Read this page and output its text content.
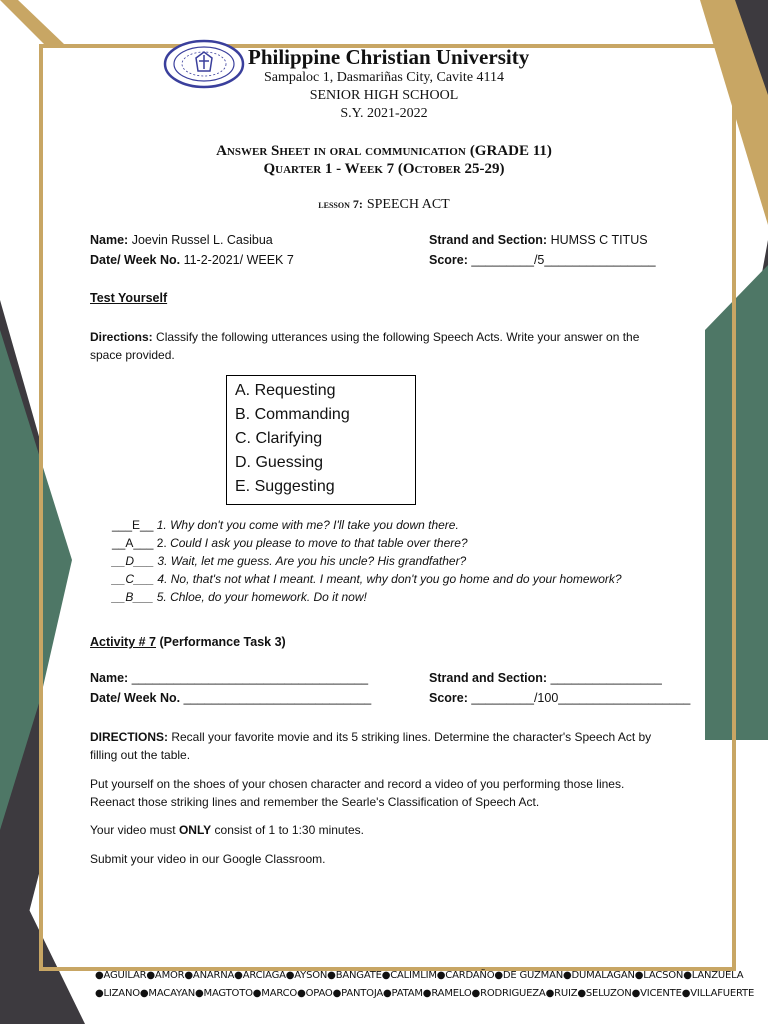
Philippine Christian University
Sampaloc 1, Dasmariñas City, Cavite 4114
SENIOR HIGH SCHOOL
S.Y. 2021-2022
Answer Sheet in oral communication (GRADE 11)
Quarter 1 - Week 7 (October 25-29)
lesson 7: SPEECH ACT
Name: Joevin Russel L. Casibua	Strand and Section: HUMSS C TITUS
Date/ Week No. 11-2-2021/ WEEK 7	Score: _________/5________________
Test Yourself
Directions: Classify the following utterances using the following Speech Acts. Write your answer on the
space provided.
A. Requesting
B. Commanding
C. Clarifying
D. Guessing
E. Suggesting
___E__ 1. Why don't you come with me? I'll take you down there.
__A___ 2. Could I ask you please to move to that table over there?
__D___ 3. Wait, let me guess. Are you his uncle? His grandfather?
__C___ 4. No, that's not what I meant. I meant, why don't you go home and do your homework?
__B___ 5. Chloe, do your homework. Do it now!
Activity # 7 (Performance Task 3)
Name: __________________________________	Strand and Section: ________________
Date/ Week No. ___________________________	Score: _________/100___________________
DIRECTIONS: Recall your favorite movie and its 5 striking lines. Determine the character's Speech Act by
filling out the table.
Put yourself on the shoes of your chosen character and record a video of you performing those lines.
Reenact those striking lines and remember the Searle's Classification of Speech Act.
Your video must ONLY consist of 1 to 1:30 minutes.
Submit your video in our Google Classroom.
●AGUILAR●AMOR●ANARNA●ARCIAGA●AYSON●BANGATE●CALIMLIM●CARDAÑO●DE GUZMAN●DUMALAGAN●LACSON●LANZUELA
●LIZANO●MACAYAN●MAGTOTO●MARCO●OPAO●PANTOJA●PATAM●RAMELO●RODRIGUEZA●RUIZ●SELUZON●VICENTE●VILLAFUERTE
